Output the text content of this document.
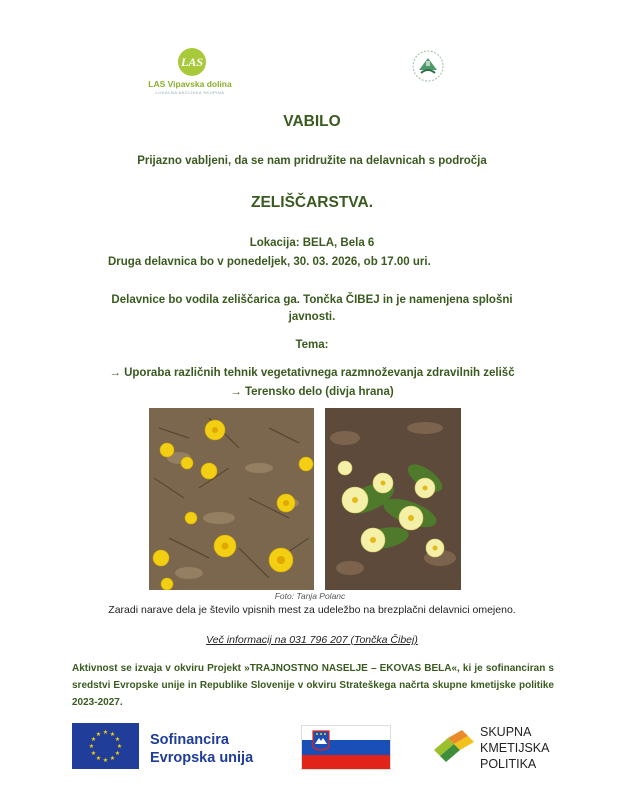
LAS
LAS Vipavska dolina
LOKALNA AKCIJSKA SKUPINA
VABILO
Prijazno vabljeni, da se nam pridružite na delavnicah s področja
ZELIŠČARSTVA.
Lokacija: BELA, Bela 6
Druga delavnica bo v ponedeljek, 30. 03. 2026, ob 17.00 uri.
Delavnice bo vodila zeliščarica ga. Tončka ČIBEJ in je namenjena splošni
javnosti.
Tema:
→ Uporaba različnih tehnik vegetativnega razmnoževanja zdravilnih zelišč
→ Terensko delo (divja hrana)
Foto: Tanja Polanc
Zaradi narave dela je število vpisnih mest za udeležbo na brezplačni delavnici omejeno.
Več informacij na 031 796 207 (Tončka Čibej)
Aktivnost se izvaja v okviru Projekt »TRAJNOSTNO NASELJE – EKOVAS BELA«, ki je sofinanciran s sredstvi Evropske unije in Republike Slovenije v okviru Strateškega načrta skupne kmetijske politike 2023-2027.
★ ★
★
★
★
★
★
★
★
★
★
★	Sofinancira
Evropska unija
SKUPNA
KMETIJSKA
POLITIKA
